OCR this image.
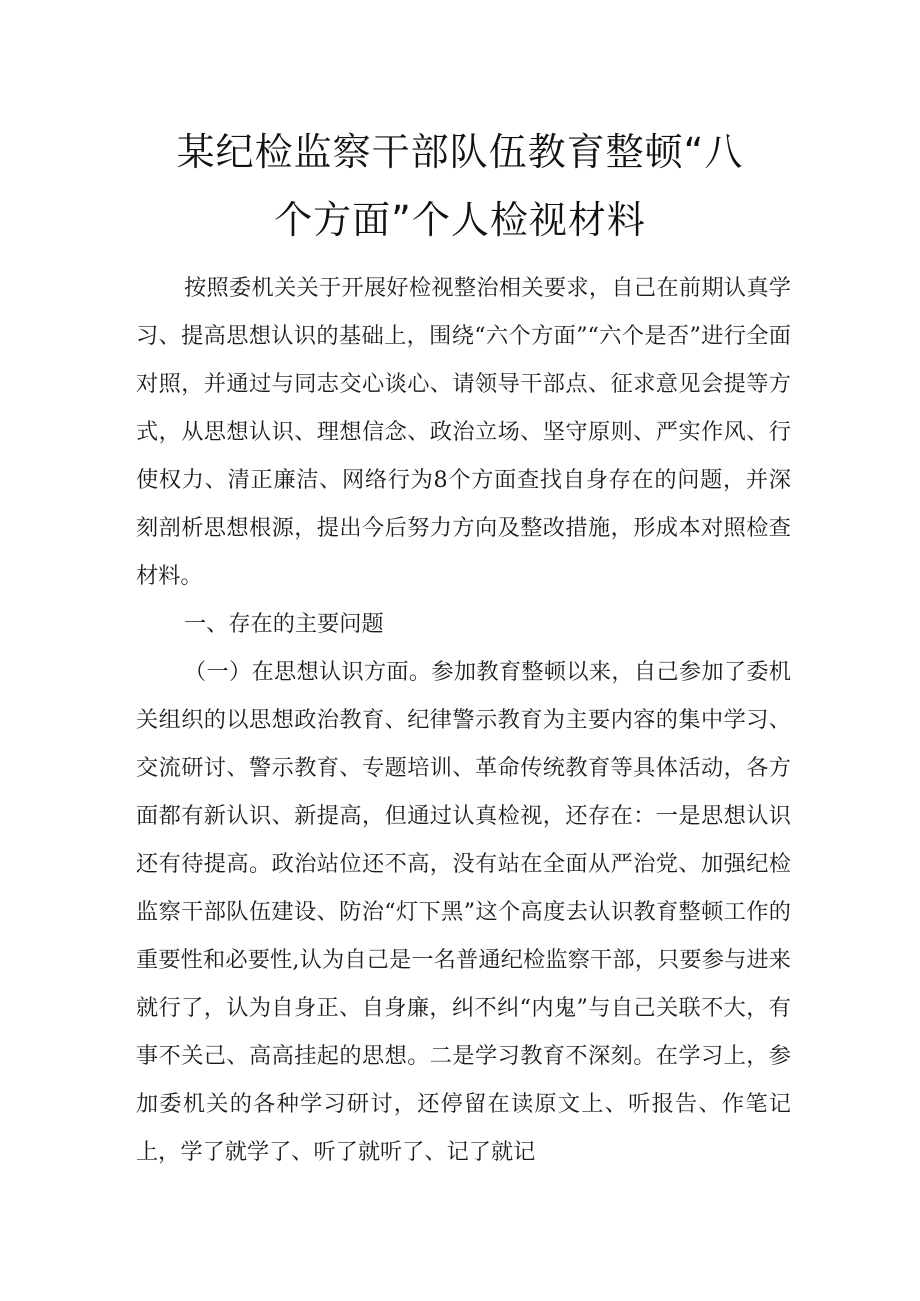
某纪检监察干部队伍教育整顿“八
个方面”个人检视材料

按照委机关关于开展好检视整治相关要求，自己在前期认真学习、提高思想认识的基础上，围绕“六个方面”“六个是否”进行全面对照，并通过与同志交心谈心、请领导干部点、征求意见会提等方式，从思想认识、理想信念、政治立场、坚守原则、严实作风、行使权力、清正廉洁、网络行为8个方面查找自身存在的问题，并深刻剖析思想根源，提出今后努力方向及整改措施，形成本对照检查材料。

一、存在的主要问题

（一）在思想认识方面。参加教育整顿以来，自己参加了委机关组织的以思想政治教育、纪律警示教育为主要内容的集中学习、交流研讨、警示教育、专题培训、革命传统教育等具体活动，各方面都有新认识、新提高，但通过认真检视，还存在：一是思想认识还有待提高。政治站位还不高，没有站在全面从严治党、加强纪检监察干部队伍建设、防治“灯下黑”这个高度去认识教育整顿工作的重要性和必要性,认为自己是一名普通纪检监察干部，只要参与进来就行了，认为自身正、自身廉，纠不纠“内鬼”与自己关联不大，有事不关己、高高挂起的思想。二是学习教育不深刻。在学习上，参加委机关的各种学习研讨，还停留在读原文上、听报告、作笔记上，学了就学了、听了就听了、记了就记
